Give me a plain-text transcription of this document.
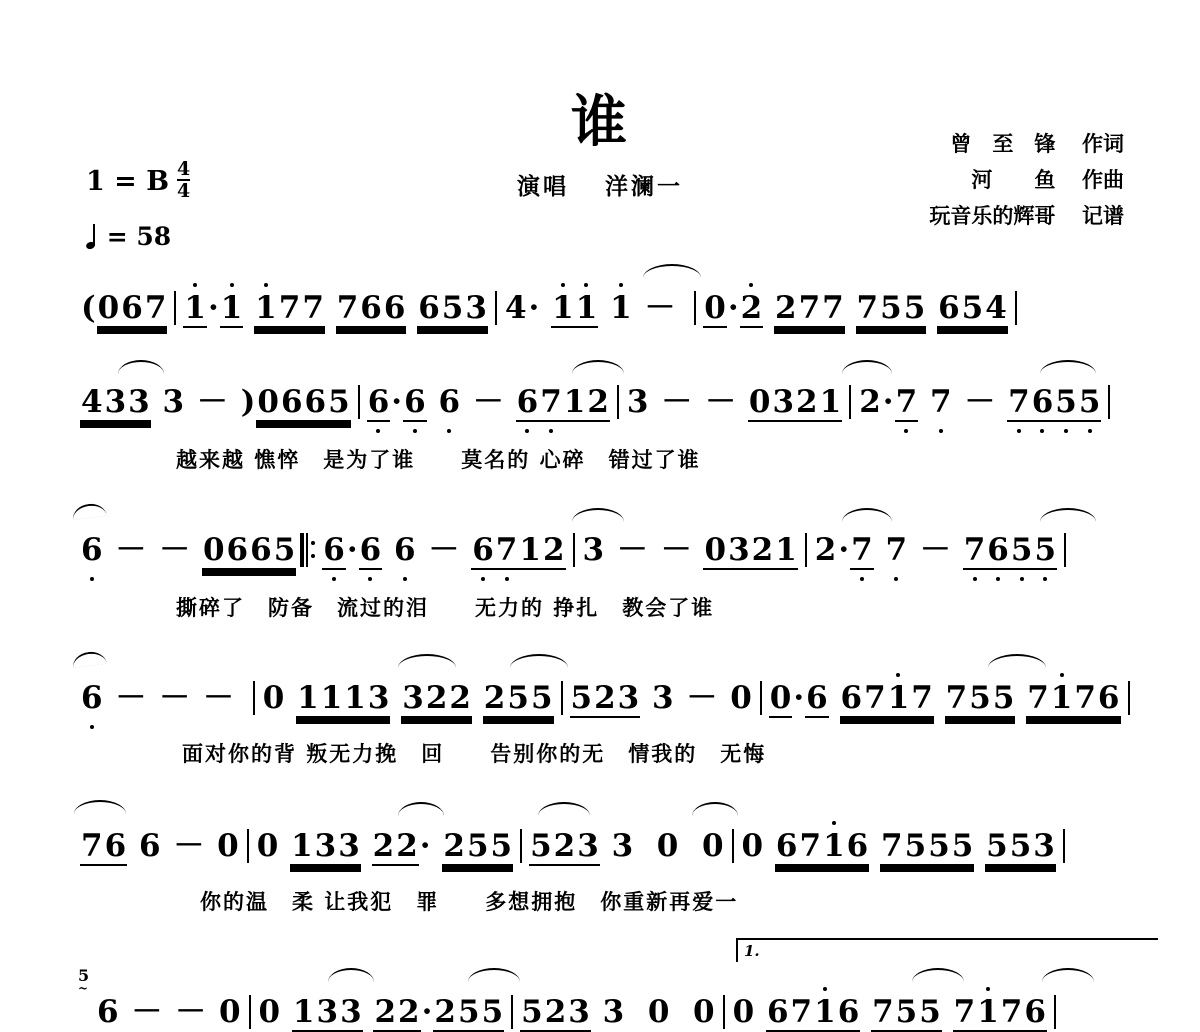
谁
演唱 洋澜一
曾　至　锋 作词
河　　鱼 作曲
玩音乐的辉哥 记谱
1 = B $\frac{4}{4}$
= 58
(067 1·1 177 766 653 4· 11 1 － 0·2 277 755 654
433 3 － )0665 6·6 6 － 6712 3 － － 0321 2·7 7 － 7655
越来越 憔悴　是为了谁　　莫名的 心碎　错过了谁
6 － － 0665 6·6 6 － 6712 3 － － 0321 2·7 7 － 7655
撕碎了　防备　流过的泪　　无力的 挣扎　教会了谁
6 － － － 0 1113 322 255 523 3 － 0 0·6 6717 755 7176
面对你的背 叛无力挽　回　　告别你的无　情我的　无悔
76 6 － 0 0 133 22· 255 523 3 0 0 0 6716 7555 553
你的温　柔 让我犯　罪　　多想拥抱　你重新再爱一
5
~
1.
6 － － 0 0 133 22·255 523 3 0 0 0 6716 755 7176
